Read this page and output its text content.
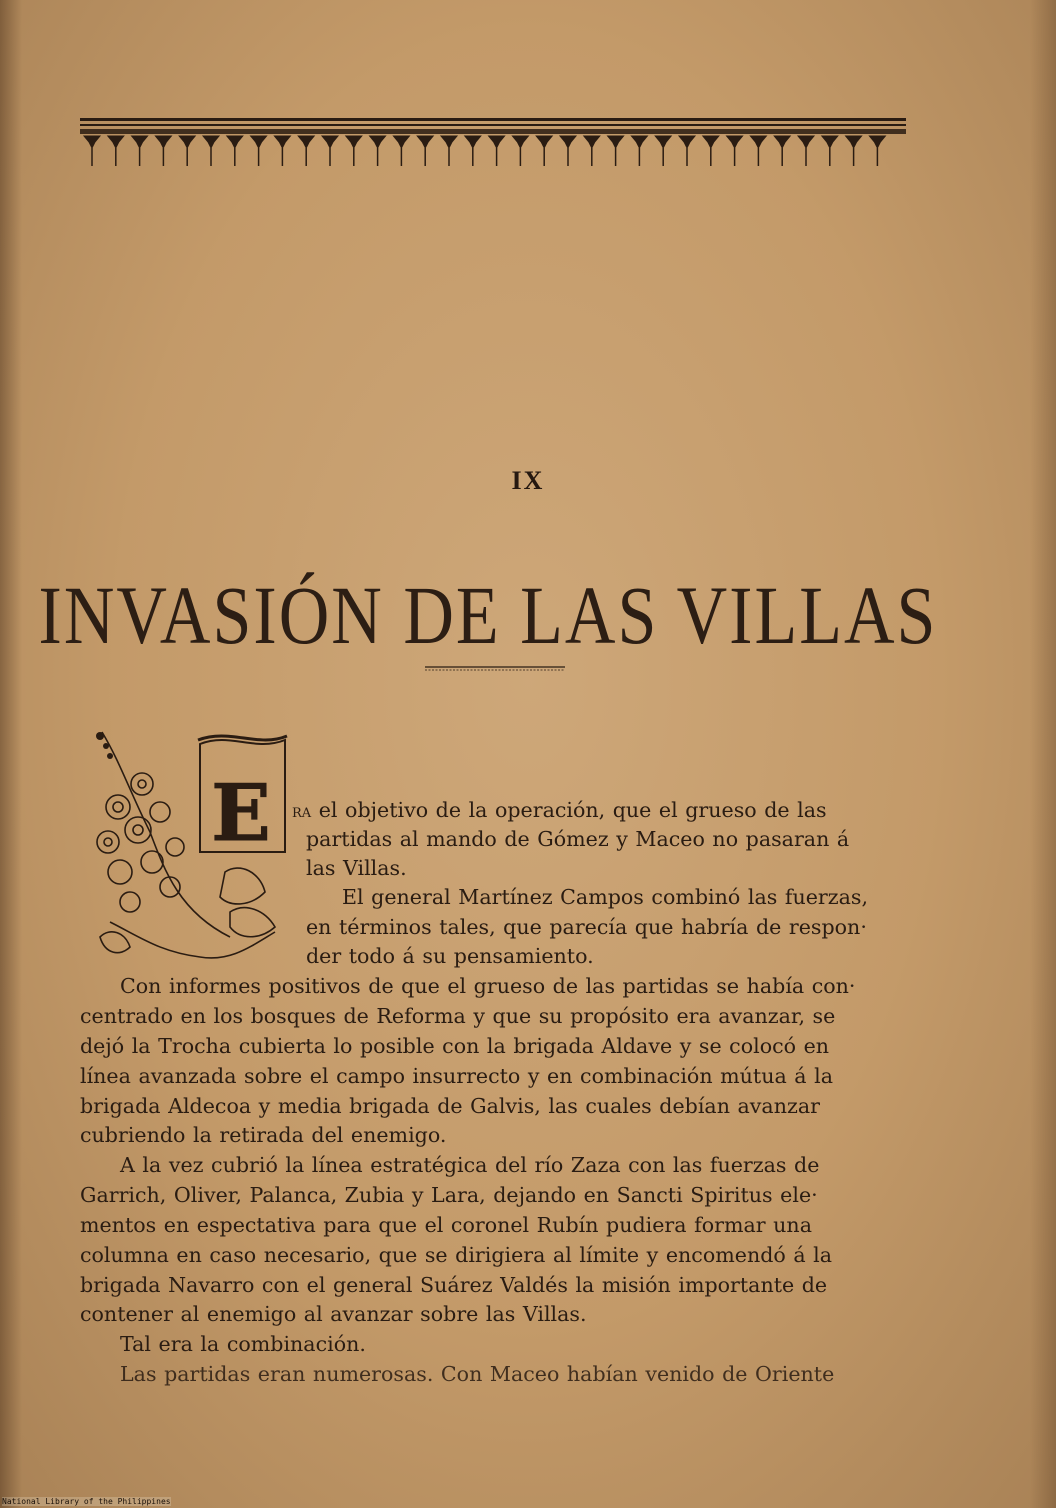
IX
INVASIÓN DE LAS VILLAS
E RA el objetivo de la operación, que el grueso de las
partidas al mando de Gómez y Maceo no pasaran á
las Villas.
El general Martínez Campos combinó las fuerzas,
en términos tales, que parecía que habría de respon·
der todo á su pensamiento.
Con informes positivos de que el grueso de las partidas se había con·
centrado en los bosques de Reforma y que su propósito era avanzar, se
dejó la Trocha cubierta lo posible con la brigada Aldave y se colocó en
línea avanzada sobre el campo insurrecto y en combinación mútua á la
brigada Aldecoa y media brigada de Galvis, las cuales debían avanzar
cubriendo la retirada del enemigo.
A la vez cubrió la línea estratégica del río Zaza con las fuerzas de
Garrich, Oliver, Palanca, Zubia y Lara, dejando en Sancti Spiritus ele·
mentos en espectativa para que el coronel Rubín pudiera formar una
columna en caso necesario, que se dirigiera al límite y encomendó á la
brigada Navarro con el general Suárez Valdés la misión importante de
contener al enemigo al avanzar sobre las Villas.
Tal era la combinación.
Las partidas eran numerosas. Con Maceo habían venido de Oriente
National Library of the Philippines
